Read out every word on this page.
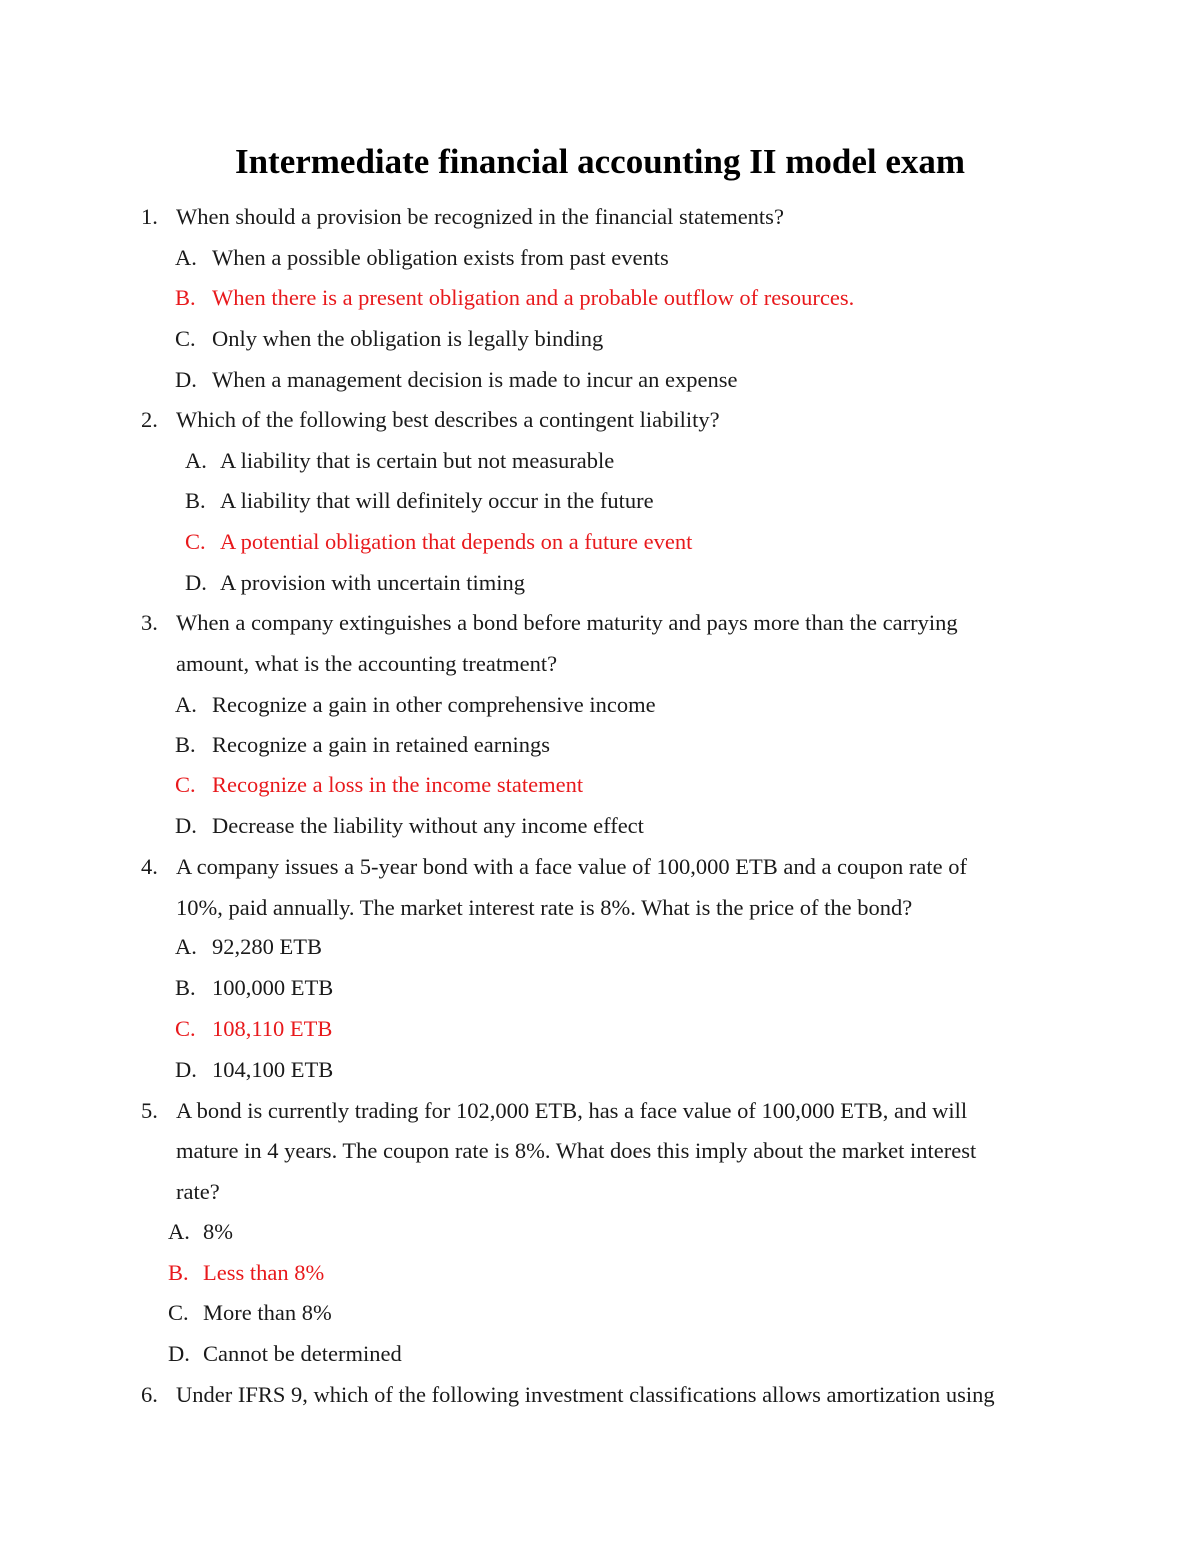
Intermediate financial accounting II model exam
1. When should a provision be recognized in the financial statements?
A. When a possible obligation exists from past events
B. When there is a present obligation and a probable outflow of resources.
C. Only when the obligation is legally binding
D. When a management decision is made to incur an expense
2. Which of the following best describes a contingent liability?
A. A liability that is certain but not measurable
B. A liability that will definitely occur in the future
C. A potential obligation that depends on a future event
D. A provision with uncertain timing
3. When a company extinguishes a bond before maturity and pays more than the carrying
amount, what is the accounting treatment?
A. Recognize a gain in other comprehensive income
B. Recognize a gain in retained earnings
C. Recognize a loss in the income statement
D. Decrease the liability without any income effect
4. A company issues a 5-year bond with a face value of 100,000 ETB and a coupon rate of
10%, paid annually. The market interest rate is 8%. What is the price of the bond?
A. 92,280 ETB
B. 100,000 ETB
C. 108,110 ETB
D. 104,100 ETB
5. A bond is currently trading for 102,000 ETB, has a face value of 100,000 ETB, and will
mature in 4 years. The coupon rate is 8%. What does this imply about the market interest
rate?
A. 8%
B. Less than 8%
C. More than 8%
D. Cannot be determined
6. Under IFRS 9, which of the following investment classifications allows amortization using
